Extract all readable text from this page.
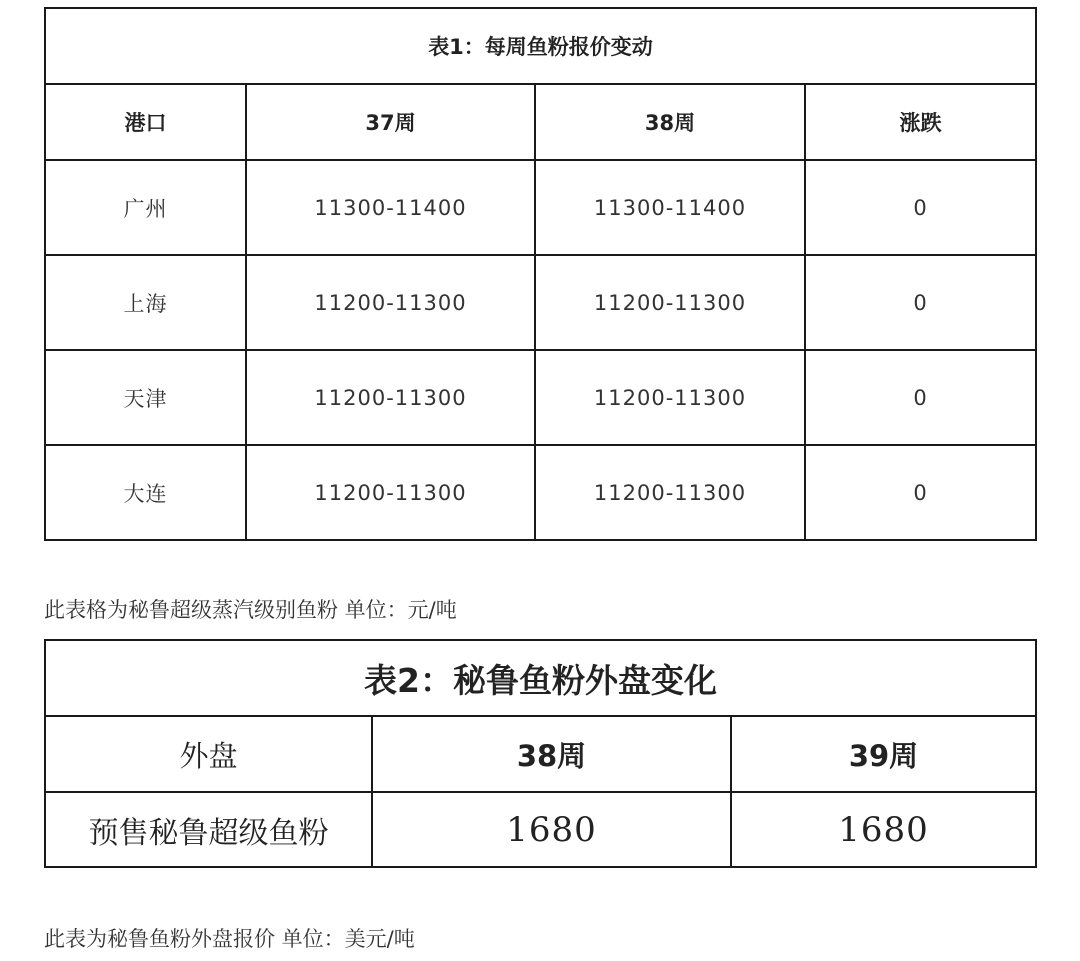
表1：每周鱼粉报价变动			
港口	37周	38周	涨跌
广州	11300-11400	11300-11400	0
上海	11200-11300	11200-11300	0
天津	11200-11300	11200-11300	0
大连	11200-11300	11200-11300	0
此表格为秘鲁超级蒸汽级别鱼粉 单位：元/吨
表2：秘鲁鱼粉外盘变化		
外盘	38周	39周
预售秘鲁超级鱼粉	1680	1680
此表为秘鲁鱼粉外盘报价 单位：美元/吨
